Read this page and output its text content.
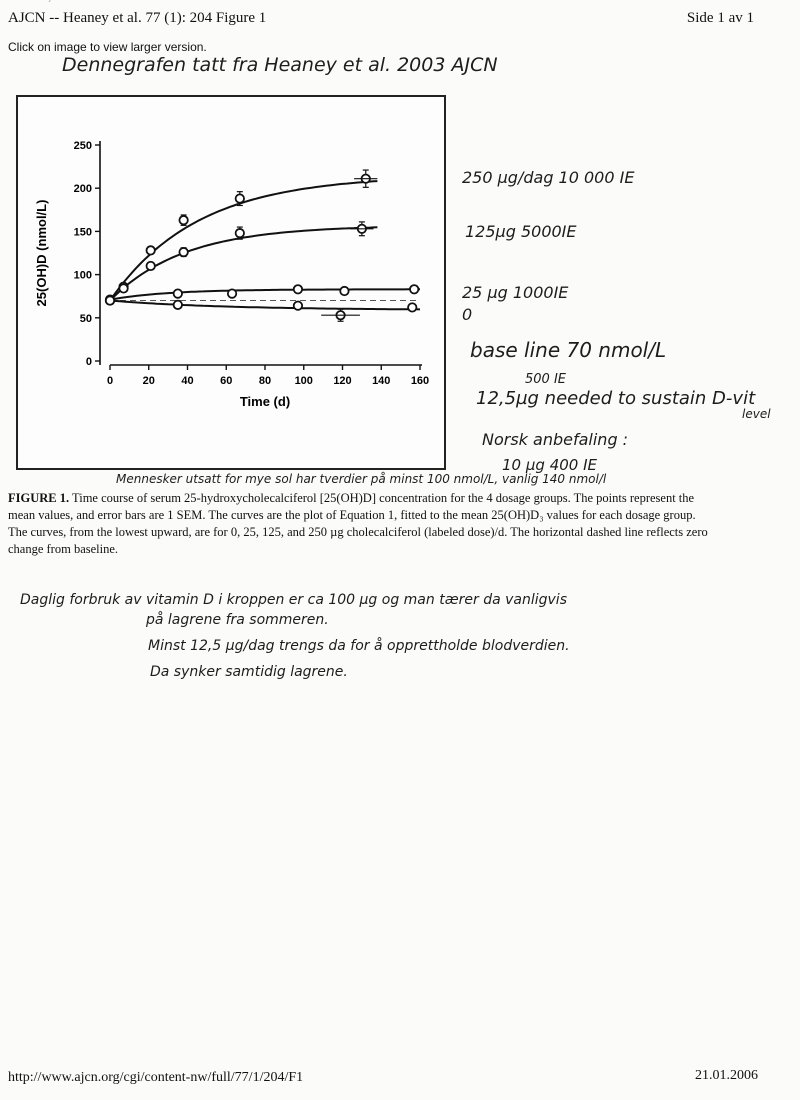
ˊ
AJCN -- Heaney et al. 77 (1): 204 Figure 1	Side 1 av 1
Click on image to view larger version.
Dennegrafen tatt fra Heaney et al. 2003 AJCN
0
50
100
150
200
250
0	20 40 60 80 100 120 140 160
Time (d)
25(OH)D (nmol/L)
250 µg/dag 10 000 IE
125µg 5000IE
25 µg 1000IE
0
base line 70 nmol/L
500 IE
12,5µg needed to sustain D-vit
level
Norsk anbefaling :
10 µg 400 IE
Mennesker utsatt for mye sol har tverdier på minst 100 nmol/L, vanlig 140 nmol/l
FIGURE 1. Time course of serum 25-hydroxycholecalciferol [25(OH)D] concentration for the 4 dosage groups. The points represent the
mean values, and error bars are 1 SEM. The curves are the plot of Equation 1, fitted to the mean 25(OH)D₃ values for each dosage group.
The curves, from the lowest upward, are for 0, 25, 125, and 250 µg cholecalciferol (labeled dose)/d. The horizontal dashed line reflects zero
change from baseline.
Daglig forbruk av vitamin D i kroppen er ca 100 µg og man tærer da vanligvis
på lagrene fra sommeren.
Minst 12,5 µg/dag trengs da for å opprettholde blodverdien.
Da synker samtidig lagrene.
http://www.ajcn.org/cgi/content-nw/full/77/1/204/F1	21.01.2006
